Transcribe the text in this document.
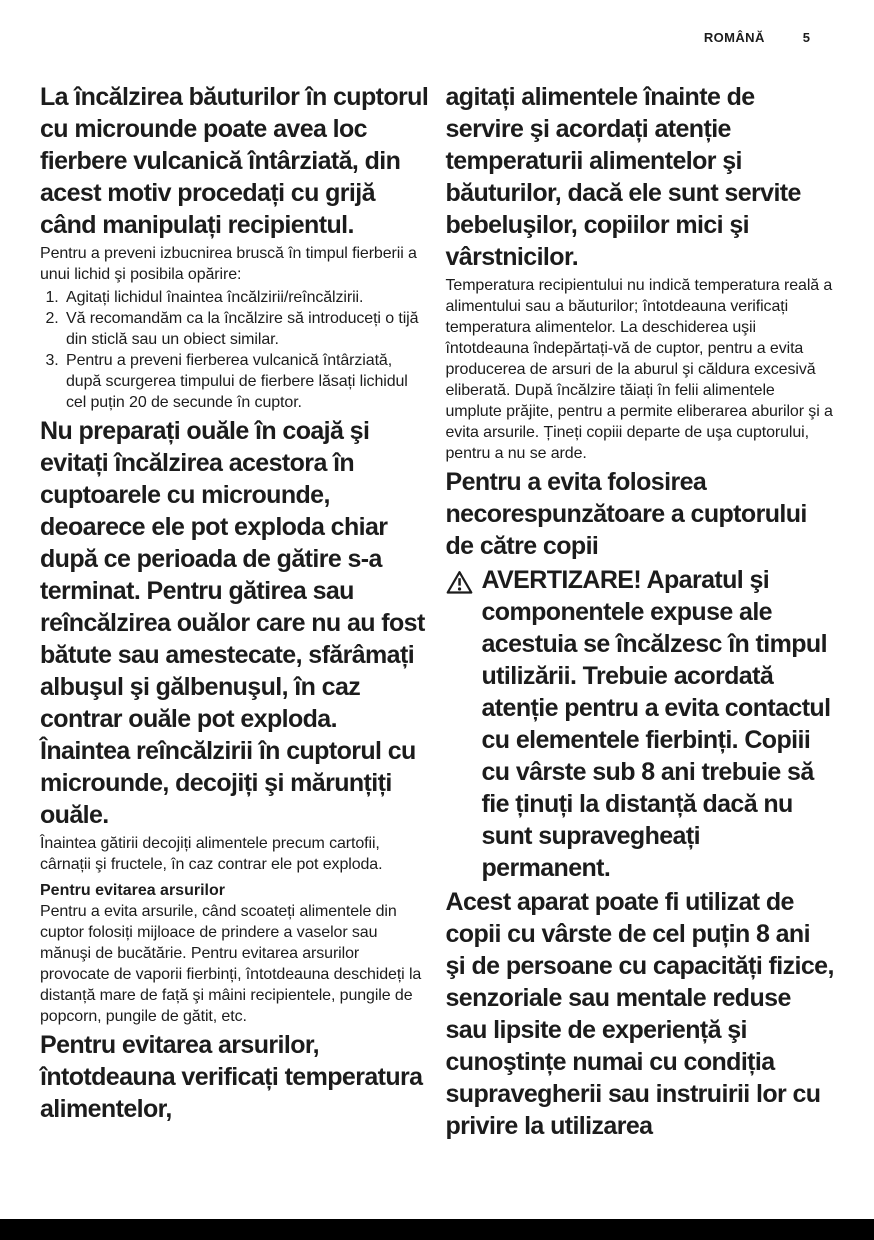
ROMÂNĂ	5

La încălzirea băuturilor în cuptorul cu microunde poate avea loc fierbere vulcanică întârziată, din acest motiv procedați cu grijă când manipulați recipientul.

Pentru a preveni izbucnirea bruscă în timpul fierberii a unui lichid şi posibila opărire:

1. Agitați lichidul înaintea încălzirii/reîncălzirii.
2. Vă recomandăm ca la încălzire să introduceți o tijă din sticlă sau un obiect similar.
3. Pentru a preveni fierberea vulcanică întârziată, după scurgerea timpului de fierbere lăsați lichidul cel puțin 20 de secunde în cuptor.

Nu preparați ouăle în coajă şi evitați încălzirea acestora în cuptoarele cu microunde, deoarece ele pot exploda chiar după ce perioada de gătire s-a terminat. Pentru gătirea sau reîncălzirea ouălor care nu au fost bătute sau amestecate, sfărâmați albuşul şi gălbenuşul, în caz contrar ouăle pot exploda. Înaintea reîncălzirii în cuptorul cu microunde, decojiți şi mărunțiți ouăle.

Înaintea gătirii decojiți alimentele precum cartofii, cârnații şi fructele, în caz contrar ele pot exploda.

Pentru evitarea arsurilor

Pentru a evita arsurile, când scoateți alimentele din cuptor folosiți mijloace de prindere a vaselor sau mănuşi de bucătărie. Pentru evitarea arsurilor provocate de vaporii fierbinți, întotdeauna deschideți la distanță mare de față şi mâini recipientele, pungile de popcorn, pungile de gătit, etc.

Pentru evitarea arsurilor, întotdeauna verificați temperatura alimentelor,

agitați alimentele înainte de servire şi acordați atenție temperaturii alimentelor şi băuturilor, dacă ele sunt servite bebeluşilor, copiilor mici şi vârstnicilor.

Temperatura recipientului nu indică temperatura reală a alimentului sau a băuturilor; întotdeauna verificați temperatura alimentelor. La deschiderea uşii întotdeauna îndepărtați-vă de cuptor, pentru a evita producerea de arsuri de la aburul şi căldura excesivă eliberată. După încălzire tăiați în felii alimentele umplute prăjite, pentru a permite eliberarea aburilor şi a evita arsurile. Țineți copiii departe de uşa cuptorului, pentru a nu se arde.

Pentru a evita folosirea necorespunzătoare a cuptorului de către copii

AVERTIZARE! Aparatul şi componentele expuse ale acestuia se încălzesc în timpul utilizării. Trebuie acordată atenție pentru a evita contactul cu elementele fierbinți. Copiii cu vârste sub 8 ani trebuie să fie ținuți la distanță dacă nu sunt supravegheați permanent.

Acest aparat poate fi utilizat de copii cu vârste de cel puțin 8 ani şi de persoane cu capacități fizice, senzoriale sau mentale reduse sau lipsite de experiență şi cunoştințe numai cu condiția supravegherii sau instruirii lor cu privire la utilizarea
